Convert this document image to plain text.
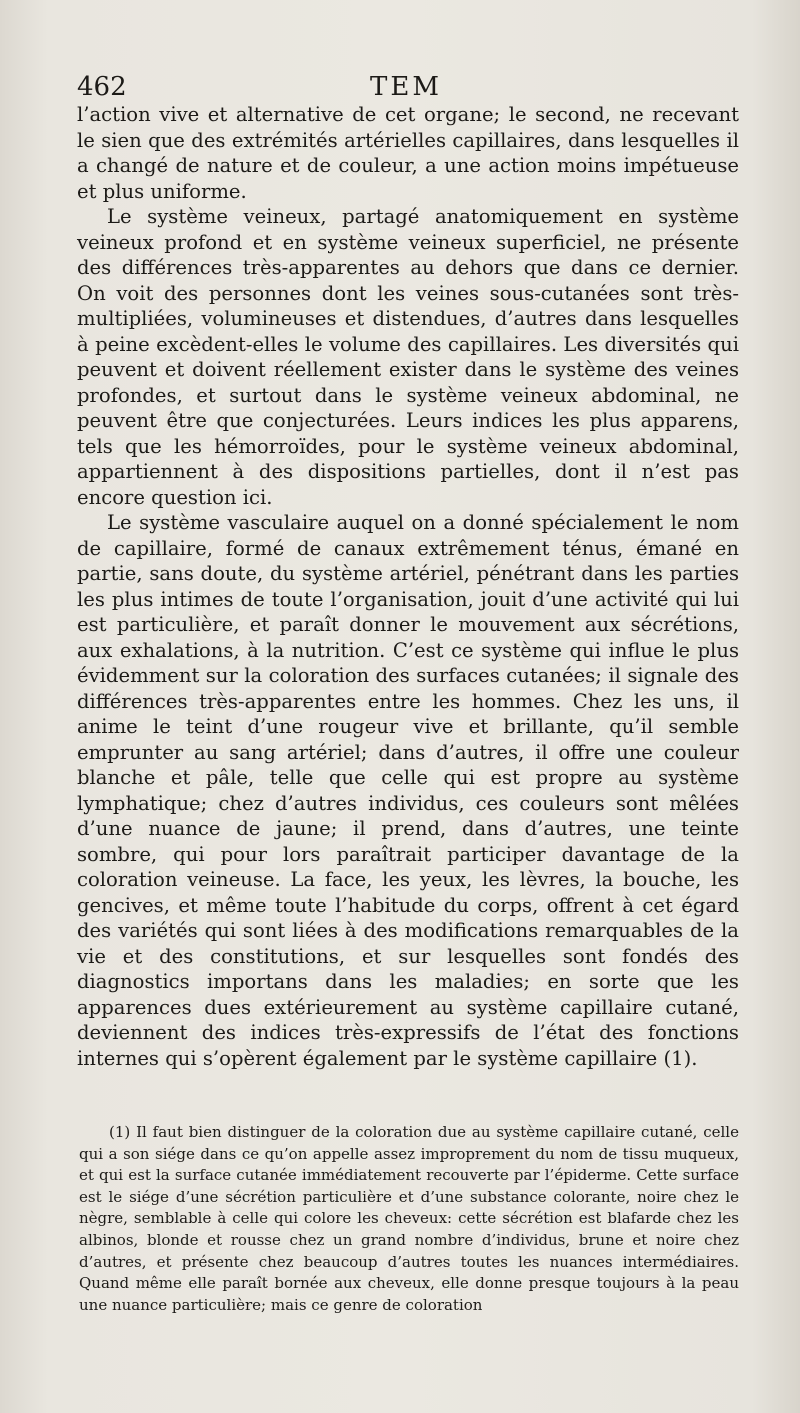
462	TEM

l’action vive et alternative de cet organe; le second, ne recevant le sien que des extrémités artérielles capillaires, dans lesquelles il a changé de nature et de couleur, a une action moins impétueuse et plus uniforme.

Le système veineux, partagé anatomiquement en système veineux profond et en système veineux superficiel, ne présente des différences très-apparentes au dehors que dans ce dernier. On voit des personnes dont les veines sous-cutanées sont très-multipliées, volumineuses et distendues, d’autres dans lesquelles à peine excèdent-elles le volume des capillaires. Les diversités qui peuvent et doivent réellement exister dans le système des veines profondes, et surtout dans le système veineux abdominal, ne peuvent être que conjecturées. Leurs indices les plus apparens, tels que les hémorroïdes, pour le système veineux abdominal, appartiennent à des dispositions partielles, dont il n’est pas encore question ici.

Le système vasculaire auquel on a donné spécialement le nom de capillaire, formé de canaux extrêmement ténus, émané en partie, sans doute, du système artériel, pénétrant dans les parties les plus intimes de toute l’organisation, jouit d’une activité qui lui est particulière, et paraît donner le mouvement aux sécrétions, aux exhalations, à la nutrition. C’est ce système qui influe le plus évidemment sur la coloration des surfaces cutanées; il signale des différences très-apparentes entre les hommes. Chez les uns, il anime le teint d’une rougeur vive et brillante, qu’il semble emprunter au sang artériel; dans d’autres, il offre une couleur blanche et pâle, telle que celle qui est propre au système lymphatique; chez d’autres individus, ces couleurs sont mêlées d’une nuance de jaune; il prend, dans d’autres, une teinte sombre, qui pour lors paraîtrait participer davantage de la coloration veineuse. La face, les yeux, les lèvres, la bouche, les gencives, et même toute l’habitude du corps, offrent à cet égard des variétés qui sont liées à des modifications remarquables de la vie et des constitutions, et sur lesquelles sont fondés des diagnostics importans dans les maladies; en sorte que les apparences dues extérieurement au système capillaire cutané, deviennent des indices très-expressifs de l’état des fonctions internes qui s’opèrent également par le système capillaire (1).

(1) Il faut bien distinguer de la coloration due au système capillaire cutané, celle qui a son siége dans ce qu’on appelle assez improprement du nom de tissu muqueux, et qui est la surface cutanée immédiatement recouverte par l’épiderme. Cette surface est le siége d’une sécrétion particulière et d’une substance colorante, noire chez le nègre, semblable à celle qui colore les cheveux: cette sécrétion est blafarde chez les albinos, blonde et rousse chez un grand nombre d’individus, brune et noire chez d’autres, et présente chez beaucoup d’autres toutes les nuances intermédiaires. Quand même elle paraît bornée aux cheveux, elle donne presque toujours à la peau une nuance particulière; mais ce genre de coloration
